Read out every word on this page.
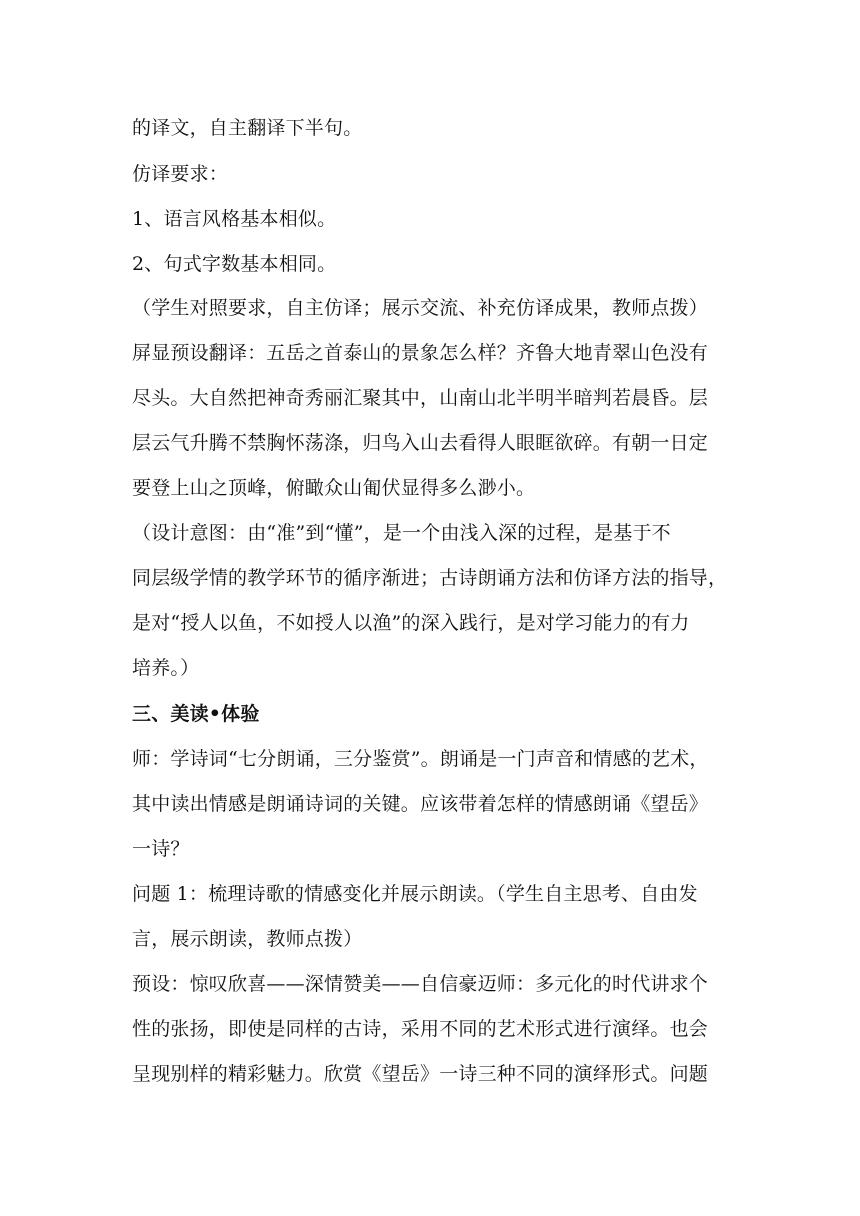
的译文，自主翻译下半句。
仿译要求：
1、语言风格基本相似。
2、句式字数基本相同。
（学生对照要求，自主仿译；展示交流、补充仿译成果，教师点拨）
屏显预设翻译：五岳之首泰山的景象怎么样？齐鲁大地青翠山色没有
尽头。大自然把神奇秀丽汇聚其中，山南山北半明半暗判若晨昏。层
层云气升腾不禁胸怀荡涤，归鸟入山去看得人眼眶欲碎。有朝一日定
要登上山之顶峰，俯瞰众山匍伏显得多么渺小。
（设计意图：由“准”到“懂”，是一个由浅入深的过程，是基于不
同层级学情的教学环节的循序渐进；古诗朗诵方法和仿译方法的指导，
是对“授人以鱼，不如授人以渔”的深入践行，是对学习能力的有力
培养。）
三、美读•体验
师：学诗词“七分朗诵，三分鉴赏”。朗诵是一门声音和情感的艺术，
其中读出情感是朗诵诗词的关键。应该带着怎样的情感朗诵《望岳》
一诗？
问题 1：梳理诗歌的情感变化并展示朗读。（学生自主思考、自由发
言，展示朗读，教师点拨）
预设：惊叹欣喜——深情赞美——自信豪迈师：多元化的时代讲求个
性的张扬，即使是同样的古诗，采用不同的艺术形式进行演绎。也会
呈现别样的精彩魅力。欣赏《望岳》一诗三种不同的演绎形式。问题
